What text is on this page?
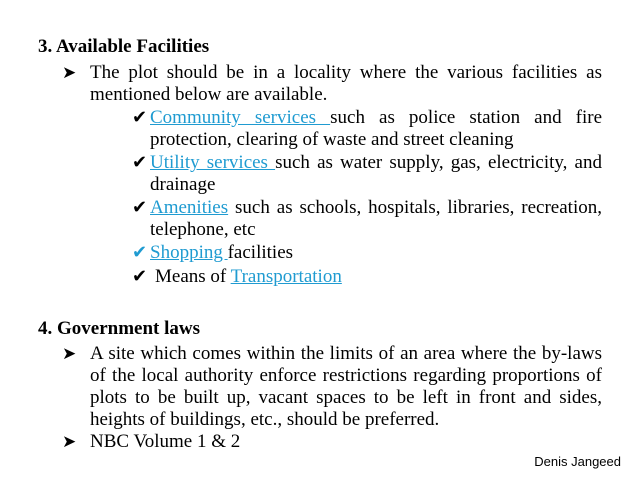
3. Available Facilities
➤ The plot should be in a locality where the various facilities as mentioned below are available.
✔ Community services such as police station and fire protection, clearing of waste and street cleaning
✔ Utility services such as water supply, gas, electricity, and drainage
✔ Amenities such as schools, hospitals, libraries, recreation, telephone, etc
✔ Shopping facilities
✔ Means of Transportation
4. Government laws
➤ A site which comes within the limits of an area where the by-laws of the local authority enforce restrictions regarding proportions of plots to be built up, vacant spaces to be left in front and sides, heights of buildings, etc., should be preferred.
➤ NBC Volume 1 & 2
Denis Jangeed
